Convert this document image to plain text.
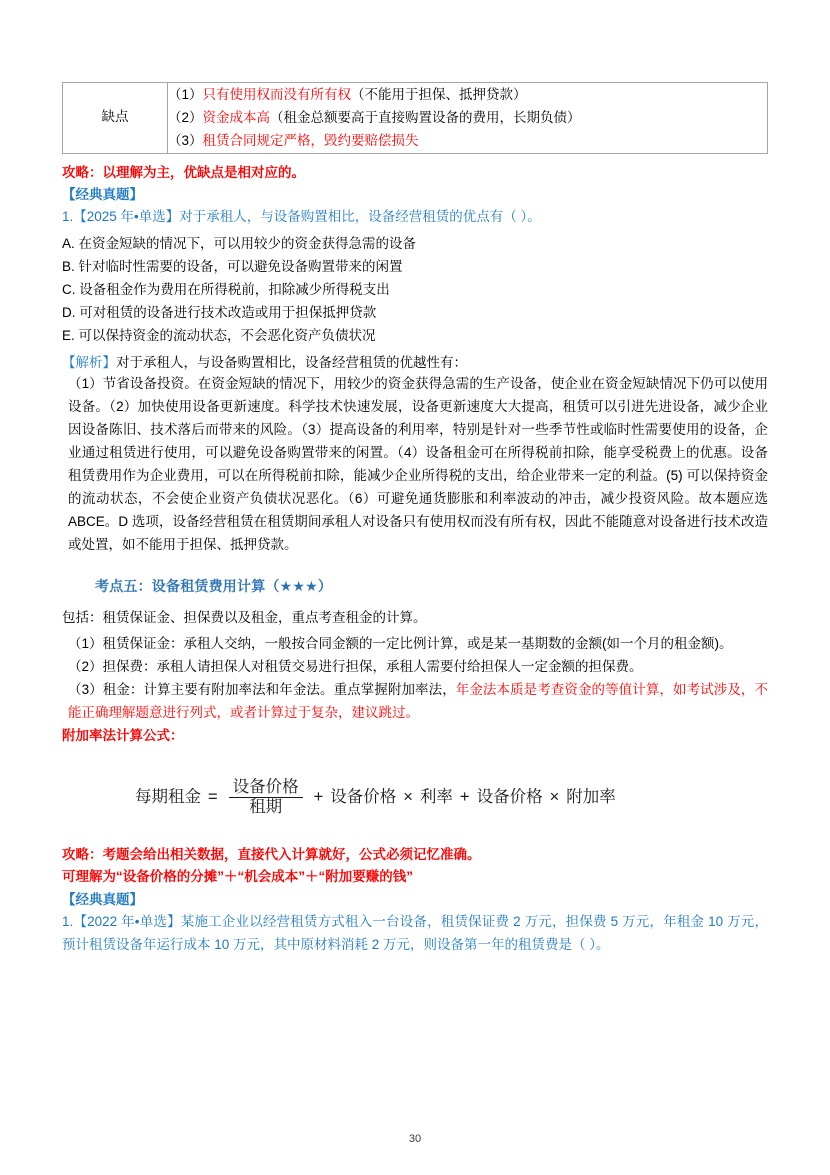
缺点	
（1）只有使用权而没有所有权（不能用于担保、抵押贷款）
（2）资金成本高（租金总额要高于直接购置设备的费用，长期负债）
（3）租赁合同规定严格，毁约要赔偿损失

攻略：以理解为主，优缺点是相对应的。

【经典真题】

1.【2025 年•单选】对于承租人，与设备购置相比，设备经营租赁的优点有（ ）。

A. 在资金短缺的情况下，可以用较少的资金获得急需的设备

B. 针对临时性需要的设备，可以避免设备购置带来的闲置

C. 设备租金作为费用在所得税前，扣除减少所得税支出

D. 可对租赁的设备进行技术改造或用于担保抵押贷款

E. 可以保持资金的流动状态，不会恶化资产负债状况

【解析】对于承租人，与设备购置相比，设备经营租赁的优越性有：

（1）节省设备投资。在资金短缺的情况下，用较少的资金获得急需的生产设备，使企业在资金短缺情况下仍可以使用设备。（2）加快使用设备更新速度。科学技术快速发展，设备更新速度大大提高，租赁可以引进先进设备，减少企业因设备陈旧、技术落后而带来的风险。（3）提高设备的利用率，特别是针对一些季节性或临时性需要使用的设备，企业通过租赁进行使用，可以避免设备购置带来的闲置。（4）设备租金可在所得税前扣除，能享受税费上的优惠。设备租赁费用作为企业费用，可以在所得税前扣除，能减少企业所得税的支出，给企业带来一定的利益。(5) 可以保持资金的流动状态，不会使企业资产负债状况恶化。（6）可避免通货膨胀和利率波动的冲击，减少投资风险。故本题应选 ABCE。D 选项，设备经营租赁在租赁期间承租人对设备只有使用权而没有所有权，因此不能随意对设备进行技术改造或处置，如不能用于担保、抵押贷款。

考点五：设备租赁费用计算（★★★）

包括：租赁保证金、担保费以及租金，重点考查租金的计算。

（1）租赁保证金：承租人交纳，一般按合同金额的一定比例计算，或是某一基期数的金额(如一个月的租金额)。

（2）担保费：承租人请担保人对租赁交易进行担保，承租人需要付给担保人一定金额的担保费。

（3）租金：计算主要有附加率法和年金法。重点掌握附加率法，年金法本质是考查资金的等值计算，如考试涉及，不能正确理解题意进行列式，或者计算过于复杂，建议跳过。

附加率法计算公式：

每期租金 = $\frac{\text{设备价格}}{\text{租期}}$ + 设备价格 × 利率 + 设备价格 × 附加率

攻略：考题会给出相关数据，直接代入计算就好，公式必须记忆准确。

可理解为“设备价格的分摊”＋“机会成本”＋“附加要赚的钱”

【经典真题】

1.【2022 年•单选】某施工企业以经营租赁方式租入一台设备，租赁保证费 2 万元，担保费 5 万元，年租金 10 万元，预计租赁设备年运行成本 10 万元，其中原材料消耗 2 万元，则设备第一年的租赁费是（ ）。

30
